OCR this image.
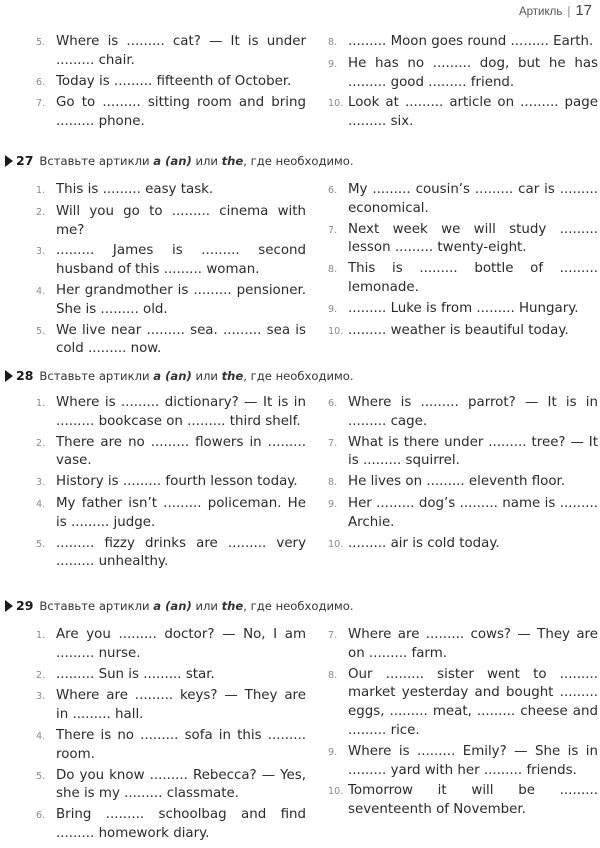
Артикль | 17
5. Where is ......... cat? — It is under ......... chair.
6. Today is ......... fifteenth of October.
7. Go to ......... sitting room and bring ......... phone.
8. ......... Moon goes round ......... Earth.
9. He has no ......... dog, but he has ......... good ......... friend.
10. Look at ......... article on ......... page ......... six.
27 Вставьте артикли
a (an)
или
the , где необходимо.
1. This is ......... easy task.
2. Will you go to ......... cinema with me?
3. ......... James is ......... second husband of this ......... woman.
4. Her grandmother is ......... pensioner. She is ......... old.
5. We live near ......... sea. ......... sea is cold ......... now.
6. My ......... cousin’s ......... car is ......... economical.
7. Next week we will study ......... lesson ......... twenty-eight.
8. This is ......... bottle of ......... lemonade.
9. ......... Luke is from ......... Hungary.
10. ......... weather is beautiful today.
28 Вставьте артикли
a (an)
или
the , где необходимо.
1. Where is ......... dictionary? — It is in ......... bookcase on ......... third shelf.
2. There are no ......... flowers in ......... vase.
3. History is ......... fourth lesson today.
4. My father isn’t ......... policeman. He is ......... judge.
5. ......... fizzy drinks are ......... very ......... unhealthy.
6. Where is ......... parrot? — It is in ......... cage.
7. What is there under ......... tree? — It is ......... squirrel.
8. He lives on ......... eleventh floor.
9. Her ......... dog’s ......... name is ......... Archie.
10. ......... air is cold today.
29 Вставьте артикли
a (an)
или
the , где необходимо.
1. Are you ......... doctor? — No, I am ......... nurse.
2. ......... Sun is ......... star.
3. Where are ......... keys? — They are in ......... hall.
4. There is no ......... sofa in this ......... room.
5. Do you know ......... Rebecca? — Yes, she is my ......... classmate.
6. Bring ......... schoolbag and find ......... homework diary.
7. Where are ......... cows? — They are on ......... farm.
8. Our ......... sister went to ......... market yesterday and bought ......... eggs, ......... meat, ......... cheese and ......... rice.
9. Where is ......... Emily? — She is in ......... yard with her ......... friends.
10. Tomorrow it will be ......... seventeenth of November.
